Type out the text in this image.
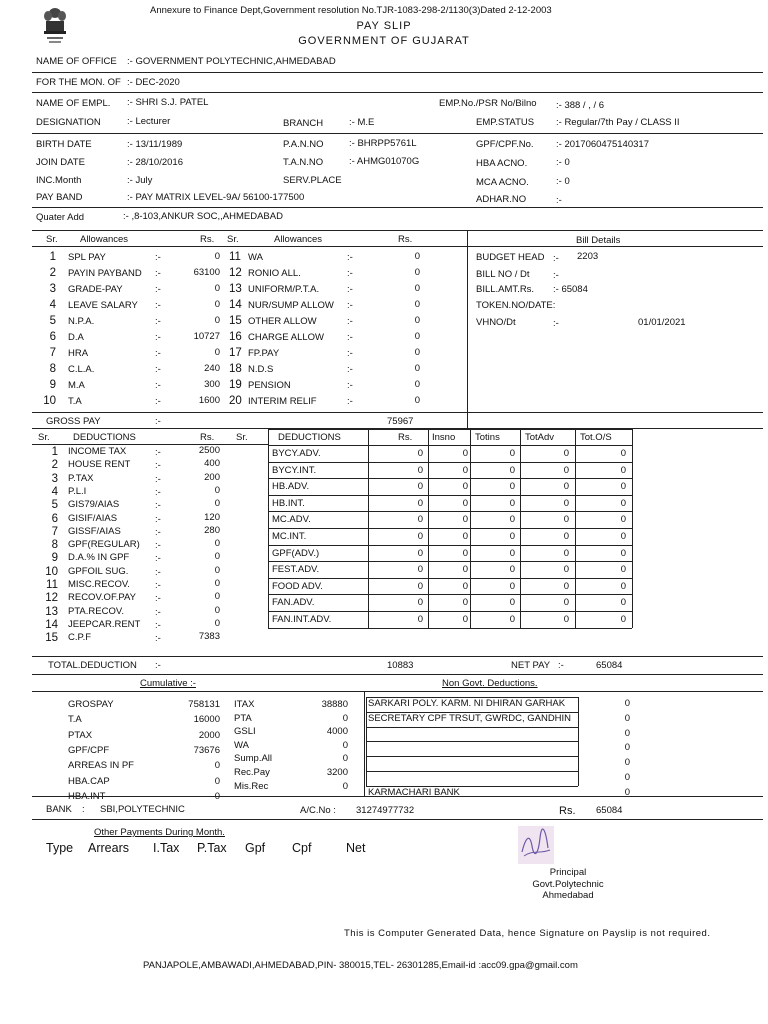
Annexure to Finance Dept,Government resolution No.TJR-1083-298-2/1130(3)Dated 2-12-2003
PAY SLIP
GOVERNMENT OF GUJARAT
NAME OF OFFICE :- GOVERNMENT POLYTECHNIC,AHMEDABAD
FOR THE MON. OF :- DEC-2020
NAME OF EMPL. :- SHRI S.J. PATEL	EMP.No./PSR No/Bilno :- 388 / , / 6
DESIGNATION	:- Lecturer	BRANCH	:- M.E	EMP.STATUS :- Regular/7th Pay / CLASS II
BIRTH DATE	:- 13/11/1989	P.A.N.NO	:- BHRPP5761L	GPF/CPF.No. :- 2017060475140317
JOIN DATE	:- 28/10/2016	T.A.N.NO	:- AHMG01070G	HBA ACNO.	:- 0
INC.Month	:- July	SERV.PLACE	MCA ACNO.	:- 0
PAY BAND	:- PAY MATRIX LEVEL-9A/ 56100-177500	ADHAR.NO	:-
Quater Add	:- ,8-103,ANKUR SOC,,AHMEDABAD
Sr. Allowances	Rs. Sr.	Allowances	Rs.
1 SPL PAY	:-	0
2 PAYIN PAYBAND :-	63100
3 GRADE-PAY	:-	0
4 LEAVE SALARY :-	0
5 N.P.A.	:-	0
6 D.A	:-	10727
7 HRA	:-	0
8 C.L.A.	:-	240
9 M.A	:-	300
10 T.A	:-	1600
11 WA	:-	0
12 RONIO ALL.	:-	0
13 UNIFORM/P.T.A.	:-	0
14 NUR/SUMP ALLOW :-	0
15 OTHER ALLOW	:-	0
16 CHARGE ALLOW :-	0
17 FP.PAY	:-	0
18 N.D.S	:-	0
19 PENSION	:-	0
20 INTERIM RELIF	:-	0
Bill Details
BUDGET HEAD :- 2203
BILL NO / Dt :-
BILL.AMT.Rs. :- 65084
TOKEN.NO/DATE:
VHNO/Dt	:-	01/01/2021
GROSS PAY	:-	75967
Sr. DEDUCTIONS	Rs. Sr.	DEDUCTIONS	Rs. Insno Totins	TotAdv	Tot.O/S
1 INCOME TAX	:-	2500
2 HOUSE RENT	:-	400
3 P.TAX	:-	200
4 P.L.I	:-	0
5 GIS79/AIAS	:-	0
6 GISIF/AIAS	:-	120
7 GISSF/AIAS	:-	280
8 GPF(REGULAR) :-	0
9 D.A.% IN GPF	:-	0
10 GPFOIL SUG.	:-	0
11 MISC.RECOV.	:-	0
12 RECOV.OF.PAY :-	0
13 PTA.RECOV.	:-	0
14 JEEPCAR.RENT :-	0
15 C.P.F	:-	7383
BYCY.ADV.	0	0	0	0	0
BYCY.INT.	0	0	0	0	0
HB.ADV.	0	0	0	0	0
HB.INT.	0	0	0	0	0
MC.ADV.	0	0	0	0	0
MC.INT.	0	0	0	0	0
GPF(ADV.)	0	0	0	0	0
FEST.ADV.	0	0	0	0	0
FOOD ADV.	0	0	0	0	0
FAN.ADV.	0	0	0	0	0
FAN.INT.ADV.	0	0	0	0	0
TOTAL.DEDUCTION :-	10883	NET PAY :-	65084
Cumulative :-	Non Govt. Deductions.
GROSPAY	758131
T.A	16000
PTAX	2000
GPF/CPF	73676
ARREAS IN PF	0
HBA.CAP	0
HBA.INT	0
ITAX	38880
PTA	0
GSLI	4000
WA	0
Sump.All	0
Rec.Pay	3200
Mis.Rec	0
SARKARI POLY. KARM. NI DHIRAN GARHAK	0
SECRETARY CPF TRSUT, GWRDC, GANDHIN	0
0
0
0
0
KARMACHARI BANK	0
BANK : SBI,POLYTECHNIC	A/C.No : 31274977732	Rs. 65084
Other Payments During Month.
Type Arrears I.Tax P.Tax Gpf Cpf	Net
Principal
Govt.Polytechnic
Ahmedabad
This is Computer Generated Data, hence Signature on Payslip is not required.
PANJAPOLE,AMBAWADI,AHMEDABAD,PIN- 380015,TEL- 26301285,Email-id :acc09.gpa@gmail.com
